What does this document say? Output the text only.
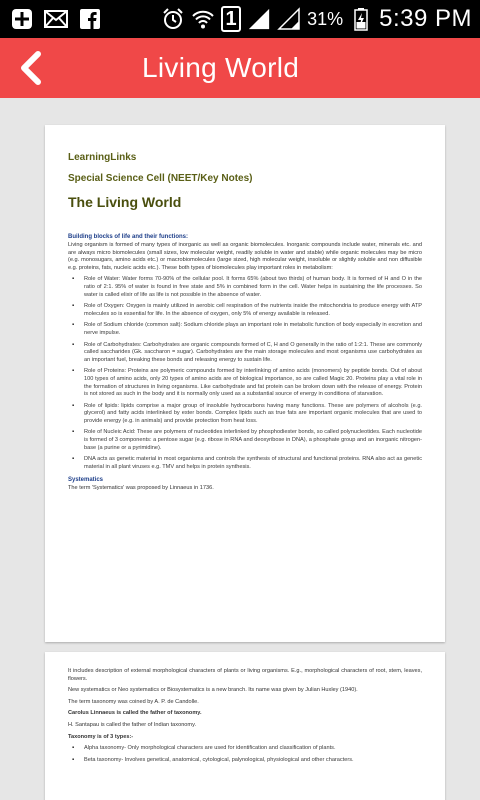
1	31% 5:39 PM
Living World
LearningLinks
Special Science Cell (NEET/Key Notes)
The Living World
Building blocks of life and their functions:
Living organism is formed of many types of inorganic as well as organic biomolecules. Inorganic compounds include water, minerals etc. and are always micro biomolecules (small sizes, low molecular weight, readily soluble in water and stable) while organic molecules may be micro (e.g. monosugars, amino acids etc.) or macrobiomolecules (large sized, high molecular weight, insoluble or slightly soluble and non diffusible e.g. proteins, fats, nucleic acids etc.). These both types of biomolecules play important roles in metabolism:
▪ Role of Water: Water forms 70-90% of the cellular pool. It forms 65% (about two thirds) of human body. It is formed of H and O in the ratio of 2:1. 95% of water is found in free state and 5% in combined form in the cell. Water helps in sustaining the life processes. So water is called elixir of life as life is not possible in the absence of water.
▪ Role of Oxygen: Oxygen is mainly utilized in aerobic cell respiration of the nutrients inside the mitochondria to produce energy with ATP molecules so is essential for life. In the absence of oxygen, only 5% of energy available is released.
▪ Role of Sodium chloride (common salt): Sodium chloride plays an important role in metabolic function of body especially in excretion and nerve impulse.
▪ Role of Carbohydrates: Carbohydrates are organic compounds formed of C, H and O generally in the ratio of 1:2:1. These are commonly called saccharides (Gk. saccharon = sugar). Carbohydrates are the main storage molecules and most organisms use carbohydrates as an important fuel, breaking these bonds and releasing energy to sustain life.
▪ Role of Proteins: Proteins are polymeric compounds formed by interlinking of amino acids (monomers) by peptide bonds. Out of about 100 types of amino acids, only 20 types of amino acids are of biological importance, so are called Magic 20. Proteins play a vital role in the formation of structures in living organisms. Like carbohydrate and fat protein can be broken down with the release of energy. Protein is not stored as such in the body and it is normally only used as a substantial source of energy in conditions of starvation.
▪ Role of lipids: lipids comprise a major group of insoluble hydrocarbons having many functions. These are polymers of alcohols (e.g. glycerol) and fatty acids interlinked by ester bonds. Complex lipids such as true fats are important organic molecules that are used to provide energy (e.g. in animals) and provide protection from heat loss.
▪ Role of Nucleic Acid: These are polymers of nucleotides interlinked by phosphodiester bonds, so called polynucleotides. Each nucleotide is formed of 3 components: a pentose sugar (e.g. ribose in RNA and deoxyribose in DNA), a phosphate group and an inorganic nitrogen-base (a purine or a pyrimidine).
▪ DNA acts as genetic material in most organisms and controls the synthesis of structural and functional proteins. RNA also act as genetic material in all plant viruses e.g. TMV and helps in protein synthesis.
Systematics
The term 'Systematics' was proposed by Linnaeus in 1736.
It includes description of external morphological characters of plants or living organisms. E.g., morphological characters of root, stem, leaves, flowers.
New systematics or Neo systematics or Biosystematics is a new branch. Its name was given by Julian Huxley (1940).
The term taxonomy was coined by A. P. de Candolle.
Carolus Linnaeus is called the father of taxonomy.
H. Santapau is called the father of Indian taxonomy.
Taxonomy is of 3 types:-
▪ Alpha taxonomy- Only morphological characters are used for identification and classification of plants.
▪ Beta taxonomy- Involves genetical, anatomical, cytological, palynological, physiological and other characters.
